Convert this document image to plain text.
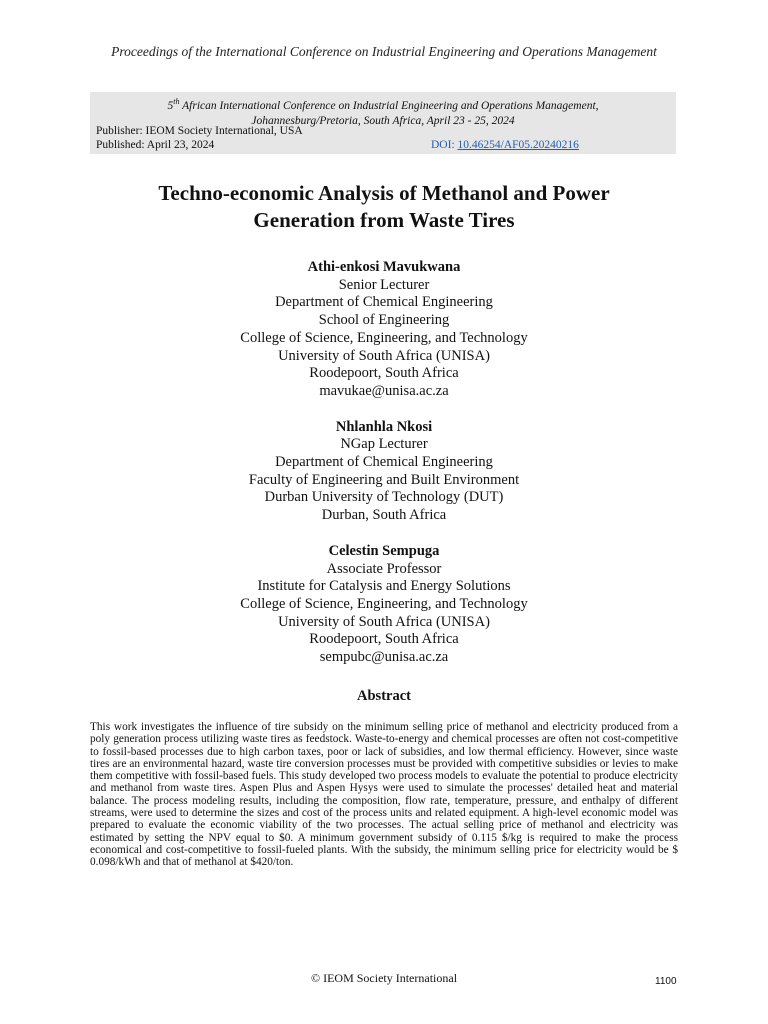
Proceedings of the International Conference on Industrial Engineering and Operations Management
5th African International Conference on Industrial Engineering and Operations Management,
Johannesburg/Pretoria, South Africa, April 23 - 25, 2024
Publisher: IEOM Society International, USA
Published: April 23, 2024	DOI: 10.46254/AF05.20240216
Techno-economic Analysis of Methanol and Power
Generation from Waste Tires
Athi-enkosi Mavukwana
Senior Lecturer
Department of Chemical Engineering
School of Engineering
College of Science, Engineering, and Technology
University of South Africa (UNISA)
Roodepoort, South Africa
mavukae@unisa.ac.za
Nhlanhla Nkosi
NGap Lecturer
Department of Chemical Engineering
Faculty of Engineering and Built Environment
Durban University of Technology (DUT)
Durban, South Africa
Celestin Sempuga
Associate Professor
Institute for Catalysis and Energy Solutions
College of Science, Engineering, and Technology
University of South Africa (UNISA)
Roodepoort, South Africa
sempubc@unisa.ac.za
Abstract
This work investigates the influence of tire subsidy on the minimum selling price of methanol and electricity produced from a poly generation process utilizing waste tires as feedstock. Waste-to-energy and chemical processes are often not cost-competitive to fossil-based processes due to high carbon taxes, poor or lack of subsidies, and low thermal efficiency. However, since waste tires are an environmental hazard, waste tire conversion processes must be provided with competitive subsidies or levies to make them competitive with fossil-based fuels. This study developed two process models to evaluate the potential to produce electricity and methanol from waste tires. Aspen Plus and Aspen Hysys were used to simulate the processes' detailed heat and material balance. The process modeling results, including the composition, flow rate, temperature, pressure, and enthalpy of different streams, were used to determine the sizes and cost of the process units and related equipment. A high-level economic model was prepared to evaluate the economic viability of the two processes. The actual selling price of methanol and electricity was estimated by setting the NPV equal to $0. A minimum government subsidy of 0.115 $/kg is required to make the process economical and cost-competitive to fossil-fueled plants. With the subsidy, the minimum selling price for electricity would be $ 0.098/kWh and that of methanol at $420/ton.
© IEOM Society International	1100
